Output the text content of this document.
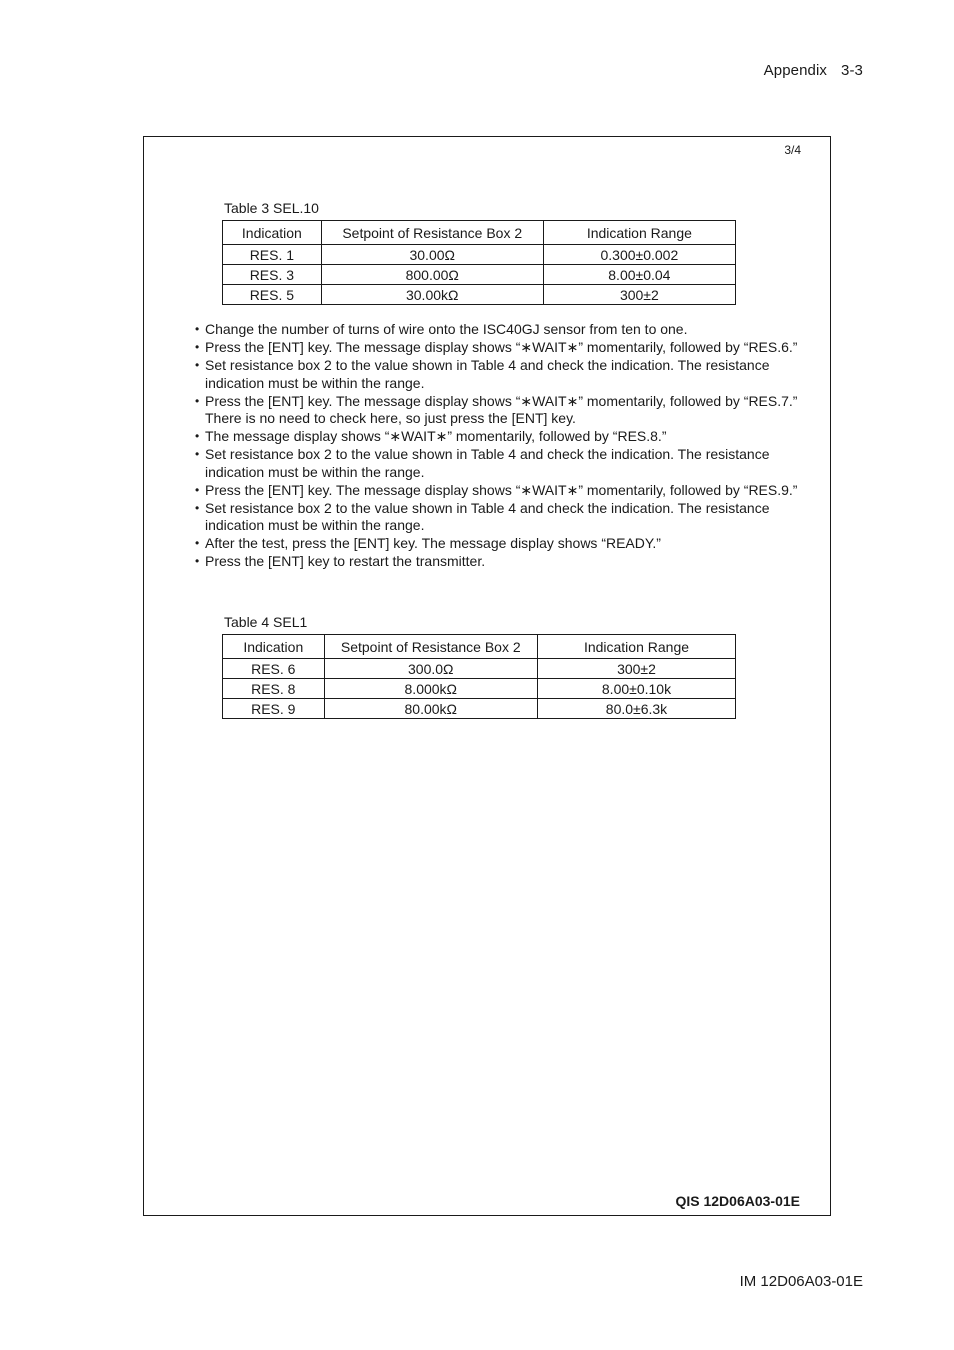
Appendix 3-3
3/4
Table 3 SEL.10
Indication	Setpoint of Resistance Box 2	Indication Range
RES. 1	30.00Ω	0.300±0.002
RES. 3	800.00Ω	8.00±0.04
RES. 5	30.00kΩ	300±2
• Change the number of turns of wire onto the ISC40GJ sensor from ten to one.
• Press the [ENT] key. The message display shows “∗WAIT∗” momentarily, followed by “RES.6.”
• Set resistance box 2 to the value shown in Table 4 and check the indication. The resistance indication must be within the range.
• Press the [ENT] key. The message display shows “∗WAIT∗” momentarily, followed by “RES.7.” There is no need to check here, so just press the [ENT] key.
• The message display shows “∗WAIT∗” momentarily, followed by “RES.8.”
• Set resistance box 2 to the value shown in Table 4 and check the indication. The resistance indication must be within the range.
• Press the [ENT] key. The message display shows “∗WAIT∗” momentarily, followed by “RES.9.”
• Set resistance box 2 to the value shown in Table 4 and check the indication. The resistance indication must be within the range.
• After the test, press the [ENT] key. The message display shows “READY.”
• Press the [ENT] key to restart the transmitter.
Table 4 SEL1
Indication	Setpoint of Resistance Box 2	Indication Range
RES. 6	300.0Ω	300±2
RES. 8	8.000kΩ	8.00±0.10k
RES. 9	80.00kΩ	80.0±6.3k
QIS 12D06A03-01E
IM 12D06A03-01E
